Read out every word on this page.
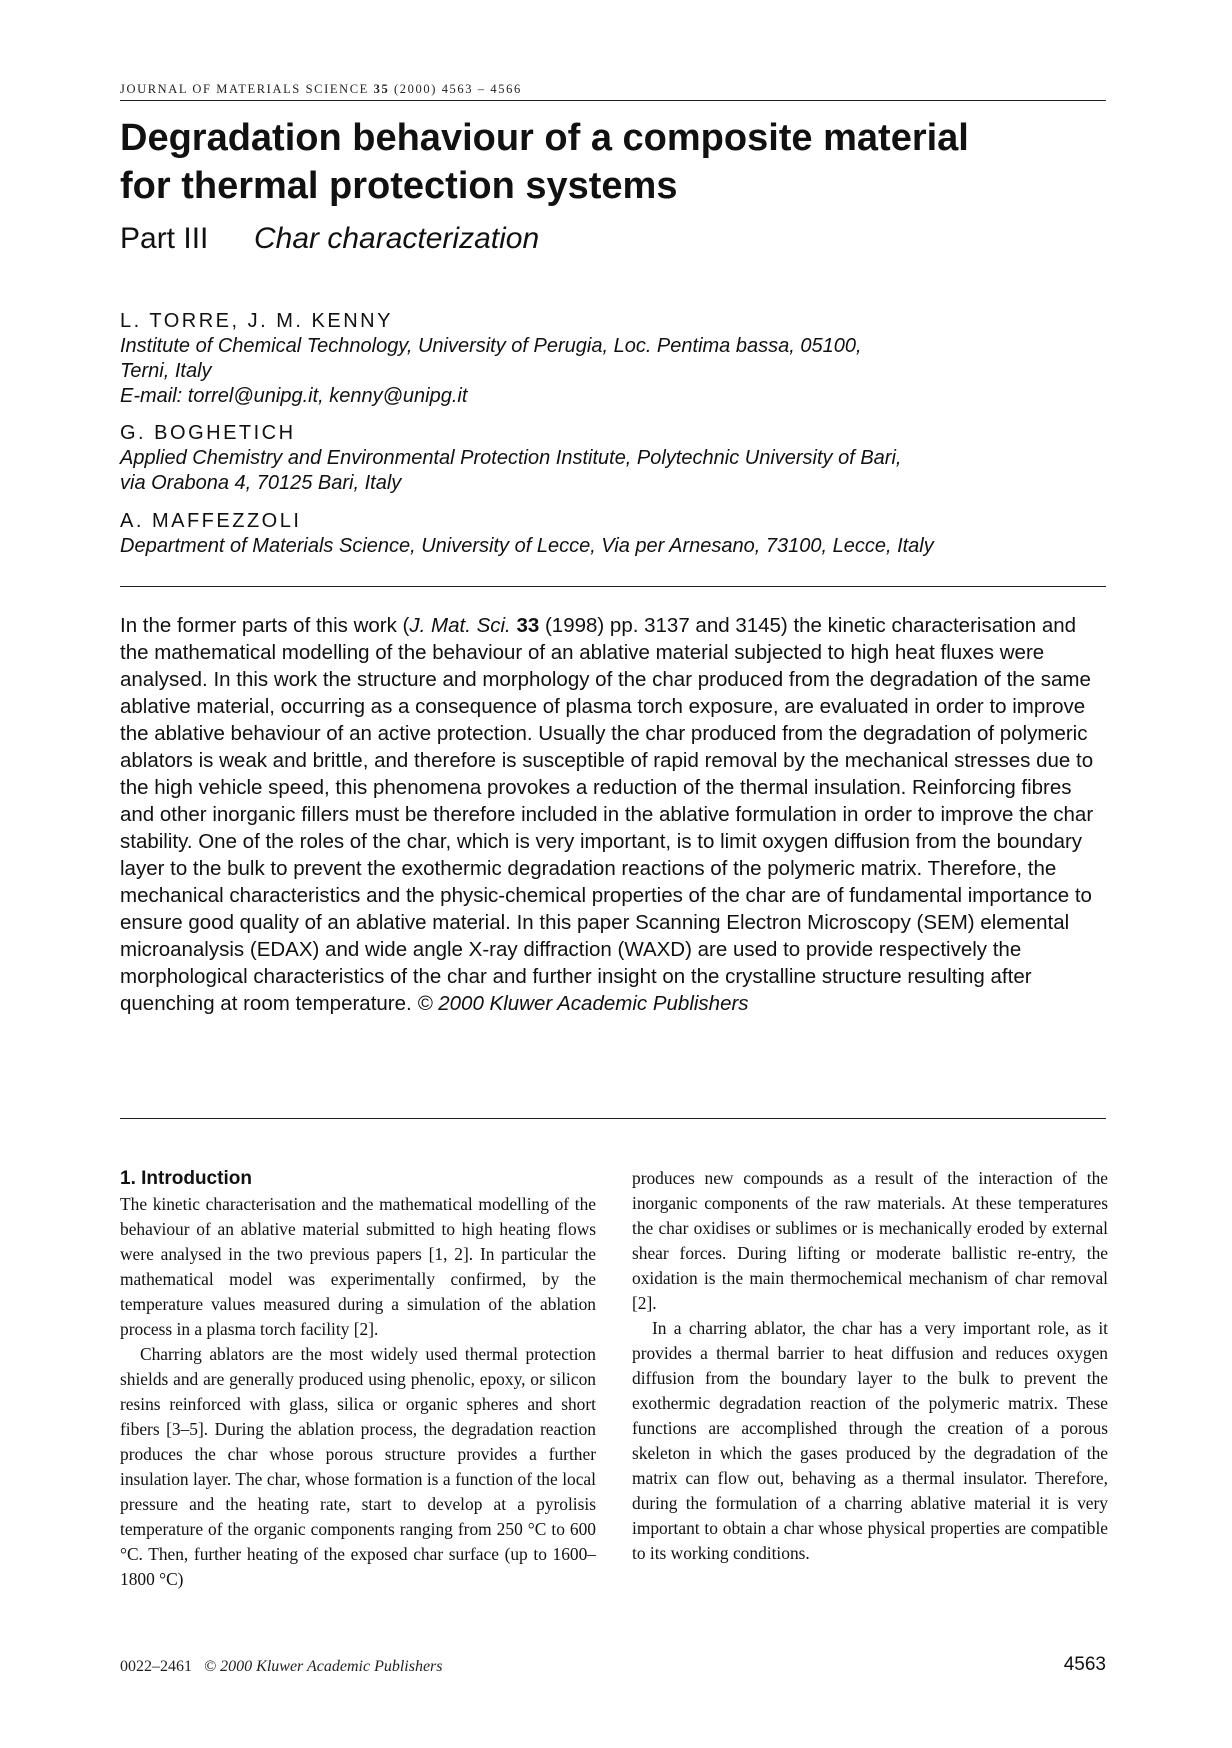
JOURNAL OF MATERIALS SCIENCE 35 (2000) 4563 – 4566
Degradation behaviour of a composite material
for thermal protection systems
Part III Char characterization
L. TORRE, J. M. KENNY
Institute of Chemical Technology, University of Perugia, Loc. Pentima bassa, 05100,
Terni, Italy
E-mail: torrel@unipg.it, kenny@unipg.it
G. BOGHETICH
Applied Chemistry and Environmental Protection Institute, Polytechnic University of Bari,
via Orabona 4, 70125 Bari, Italy
A. MAFFEZZOLI
Department of Materials Science, University of Lecce, Via per Arnesano, 73100, Lecce, Italy
In the former parts of this work (J. Mat. Sci. 33 (1998) pp. 3137 and 3145) the kinetic characterisation and the mathematical modelling of the behaviour of an ablative material subjected to high heat fluxes were analysed. In this work the structure and morphology of the char produced from the degradation of the same ablative material, occurring as a consequence of plasma torch exposure, are evaluated in order to improve the ablative behaviour of an active protection. Usually the char produced from the degradation of polymeric ablators is weak and brittle, and therefore is susceptible of rapid removal by the mechanical stresses due to the high vehicle speed, this phenomena provokes a reduction of the thermal insulation. Reinforcing fibres and other inorganic fillers must be therefore included in the ablative formulation in order to improve the char stability. One of the roles of the char, which is very important, is to limit oxygen diffusion from the boundary layer to the bulk to prevent the exothermic degradation reactions of the polymeric matrix. Therefore, the mechanical characteristics and the physic-chemical properties of the char are of fundamental importance to ensure good quality of an ablative material. In this paper Scanning Electron Microscopy (SEM) elemental microanalysis (EDAX) and wide angle X-ray diffraction (WAXD) are used to provide respectively the morphological characteristics of the char and further insight on the crystalline structure resulting after quenching at room temperature. © 2000 Kluwer Academic Publishers
1. Introduction

The kinetic characterisation and the mathematical modelling of the behaviour of an ablative material submitted to high heating flows were analysed in the two previous papers [1, 2]. In particular the mathematical model was experimentally confirmed, by the temperature values measured during a simulation of the ablation process in a plasma torch facility [2].

Charring ablators are the most widely used thermal protection shields and are generally produced using phenolic, epoxy, or silicon resins reinforced with glass, silica or organic spheres and short fibers [3–5]. During the ablation process, the degradation reaction produces the char whose porous structure provides a further insulation layer. The char, whose formation is a function of the local pressure and the heating rate, start to develop at a pyrolisis temperature of the organic components ranging from 250 °C to 600 °C. Then, further heating of the exposed char surface (up to 1600–1800 °C)

produces new compounds as a result of the interaction of the inorganic components of the raw materials. At these temperatures the char oxidises or sublimes or is mechanically eroded by external shear forces. During lifting or moderate ballistic re-entry, the oxidation is the main thermochemical mechanism of char removal [2].

In a charring ablator, the char has a very important role, as it provides a thermal barrier to heat diffusion and reduces oxygen diffusion from the boundary layer to the bulk to prevent the exothermic degradation reaction of the polymeric matrix. These functions are accomplished through the creation of a porous skeleton in which the gases produced by the degradation of the matrix can flow out, behaving as a thermal insulator. Therefore, during the formulation of a charring ablative material it is very important to obtain a char whose physical properties are compatible to its working conditions.

0022–2461 © 2000 Kluwer Academic Publishers	4563
